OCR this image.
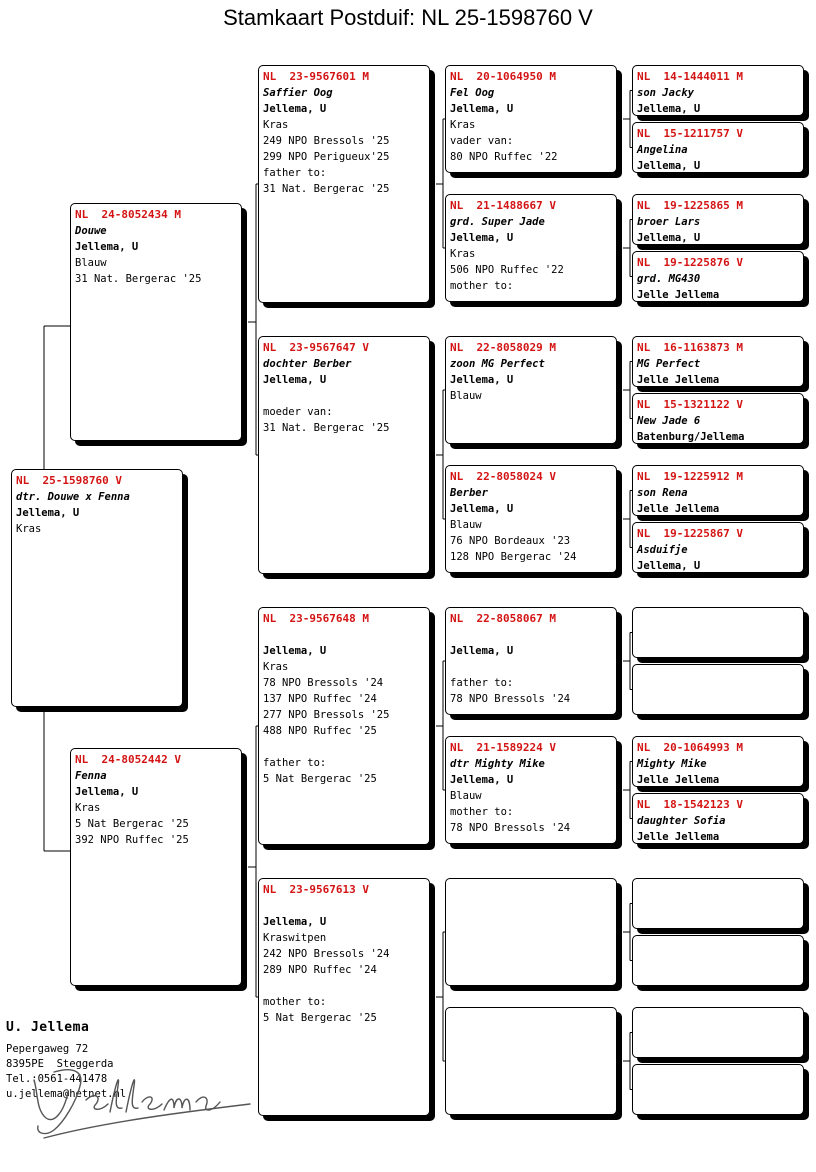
Stamkaart Postduif: NL 25-1598760 V
NL  25-1598760 V
dtr. Douwe x Fenna
Jellema, U
Kras
NL  24-8052434 M
Douwe
Jellema, U
Blauw
31 Nat. Bergerac '25
NL  24-8052442 V
Fenna
Jellema, U
Kras
5 Nat Bergerac '25
392 NPO Ruffec '25
NL  23-9567601 M
Saffier Oog
Jellema, U
Kras
249 NPO Bressols '25
299 NPO Perigueux'25
father to:
31 Nat. Bergerac '25
NL  23-9567647 V
dochter Berber
Jellema, U
moeder van:
31 Nat. Bergerac '25
NL  23-9567648 M
Jellema, U
Kras
78 NPO Bressols '24
137 NPO Ruffec '24
277 NPO Bressols '25
488 NPO Ruffec '25
father to:
5 Nat Bergerac '25
NL  23-9567613 V
Jellema, U
Kraswitpen
242 NPO Bressols '24
289 NPO Ruffec '24
mother to:
5 Nat Bergerac '25
NL  20-1064950 M
Fel Oog
Jellema, U
Kras
vader van:
80 NPO Ruffec '22
NL  21-1488667 V
grd. Super Jade
Jellema, U
Kras
506 NPO Ruffec '22
mother to:
NL  22-8058029 M
zoon MG Perfect
Jellema, U
Blauw
NL  22-8058024 V
Berber
Jellema, U
Blauw
76 NPO Bordeaux '23
128 NPO Bergerac '24
NL  22-8058067 M
Jellema, U
father to:
78 NPO Bressols '24
NL  21-1589224 V
dtr Mighty Mike
Jellema, U
Blauw
mother to:
78 NPO Bressols '24
NL  14-1444011 M
son Jacky
Jellema, U
NL  15-1211757 V
Angelina
Jellema, U
NL  19-1225865 M
broer Lars
Jellema, U
NL  19-1225876 V
grd. MG430
Jelle Jellema
NL  16-1163873 M
MG Perfect
Jelle Jellema
NL  15-1321122 V
New Jade 6
Batenburg/Jellema
NL  19-1225912 M
son Rena
Jelle Jellema
NL  19-1225867 V
Asduifje
Jellema, U
NL  20-1064993 M
Mighty Mike
Jelle Jellema
NL  18-1542123 V
daughter Sofia
Jelle Jellema
U. Jellema
Pepergaweg 72
8395PE  Steggerda
Tel.:0561-441478
u.jellema@hetnet.nl
